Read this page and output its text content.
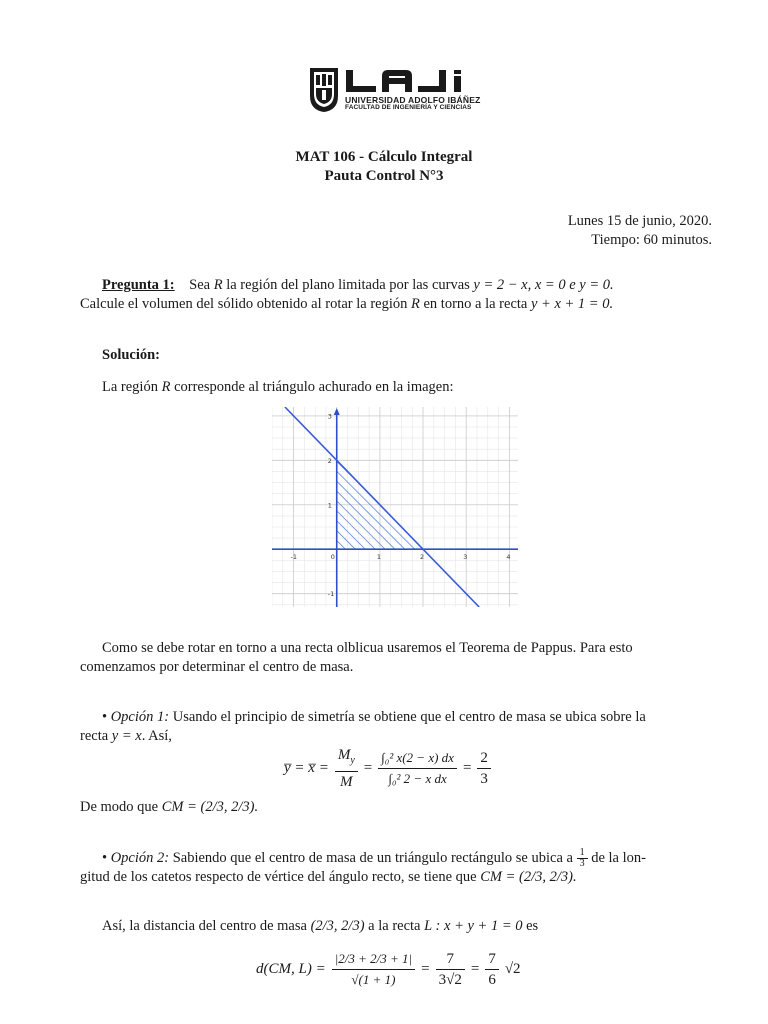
UNIVERSIDAD ADOLFO IBÁÑEZ
FACULTAD DE INGENIERÍA Y CIENCIAS
MAT 106 - Cálculo Integral
Pauta Control N°3
Lunes 15 de junio, 2020.
Tiempo: 60 minutos.
Pregunta 1: Sea R la región del plano limitada por las curvas y = 2 − x, x = 0 e y = 0.
Calcule el volumen del sólido obtenido al rotar la región R en torno a la recta y + x + 1 = 0.
Solución:
La región R corresponde al triángulo achurado en la imagen:
-1	0	1	2	3	4
-1
1
2
3
Como se debe rotar en torno a una recta olblicua usaremos el Teorema de Pappus. Para esto
comenzamos por determinar el centro de masa.
• Opción 1: Usando el principio de simetría se obtiene que el centro de masa se ubica sobre la
recta y = x. Así,
y̅ = x̅ = $\frac{M_y}{M} = \frac{\text{∫₀² x(2 − x) dx}}{\text{∫₀² 2 − x dx}} = \frac{2}{3}$
De modo que CM = (2/3, 2/3).
• Opción 2: Sabiendo que el centro de masa de un triángulo rectángulo se ubica a $\frac{1}{3}$ de la lon-
gitud de los catetos respecto de vértice del ángulo recto, se tiene que CM = (2/3, 2/3).
Así, la distancia del centro de masa (2/3, 2/3) a la recta L : x + y + 1 = 0 es
d(CM, $L) = \frac{|2/3 + 2/3 + 1|}{√(1 + 1)} = \frac{7}{3√2} = \frac{7}{6} √2$
